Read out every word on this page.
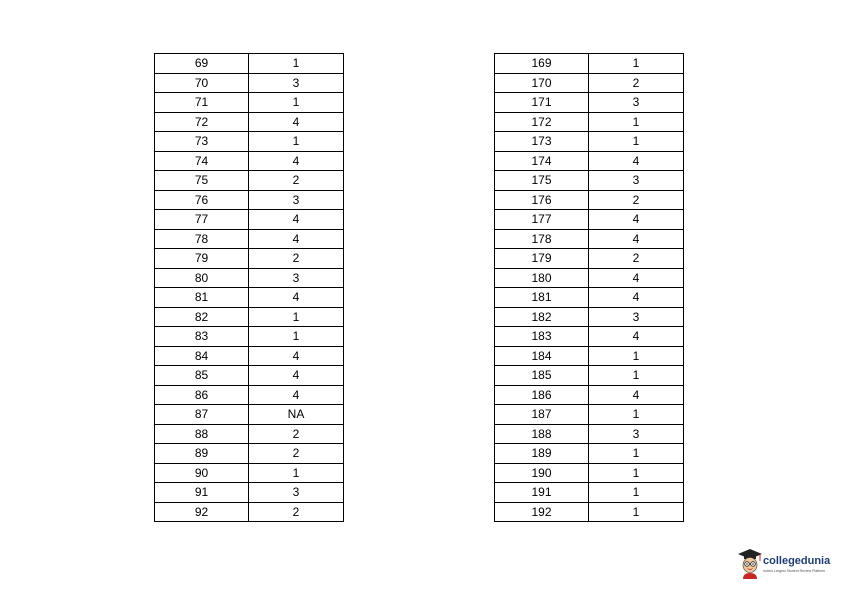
69	1
70	3
71	1
72	4
73	1
74	4
75	2
76	3
77	4
78	4
79	2
80	3
81	4
82	1
83	1
84	4
85	4
86	4
87	NA
88	2
89	2
90	1
91	3
92	2
169	1
170	2
171	3
172	1
173	1
174	4
175	3
176	2
177	4
178	4
179	2
180	4
181	4
182	3
183	4
184	1
185	1
186	4
187	1
188	3
189	1
190	1
191	1
192	1
collegedunia
India's Largest Student Review Platform
